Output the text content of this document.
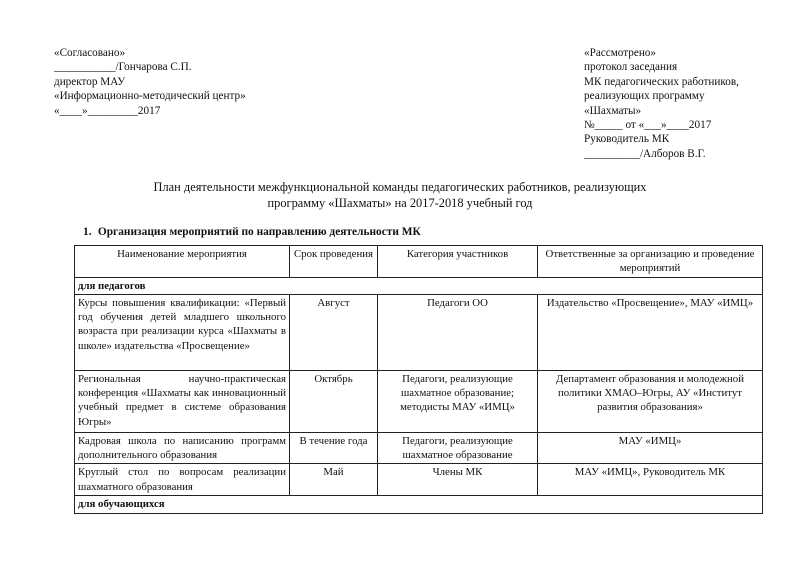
«Согласовано»
___________/Гончарова С.П.
директор МАУ
«Информационно-методический центр»
«____»_________2017
«Рассмотрено»
протокол заседания
МК педагогических работников,
реализующих программу
«Шахматы»
№_____ от «___»____2017
Руководитель МК
__________/Алборов В.Г.
План деятельности межфункциональной команды педагогических работников, реализующих
программу «Шахматы» на 2017-2018 учебный год
1. Организация мероприятий по направлению деятельности МК
Наименование мероприятия	Срок проведения	Категория участников	Ответственные за организацию и проведение мероприятий
для педагогов			
Курсы повышения квалификации: «Первый год обучения детей младшего школьного возраста при реализации курса «Шахматы в школе» издательства «Просвещение»	Август	Педагоги ОО	Издательство «Просвещение», МАУ «ИМЦ»
Региональная научно-практическая конференция «Шахматы как инновационный учебный предмет в системе образования Югры»	Октябрь	Педагоги, реализующие шахматное образование; методисты МАУ «ИМЦ»	Департамент образования и молодежной политики ХМАО–Югры, АУ «Институт развития образования»
Кадровая школа по написанию программ дополнительного образования	В течение года	Педагоги, реализующие шахматное образование	МАУ «ИМЦ»
Круглый стол по вопросам реализации шахматного образования	Май	Члены МК	МАУ «ИМЦ», Руководитель МК
для обучающихся			
